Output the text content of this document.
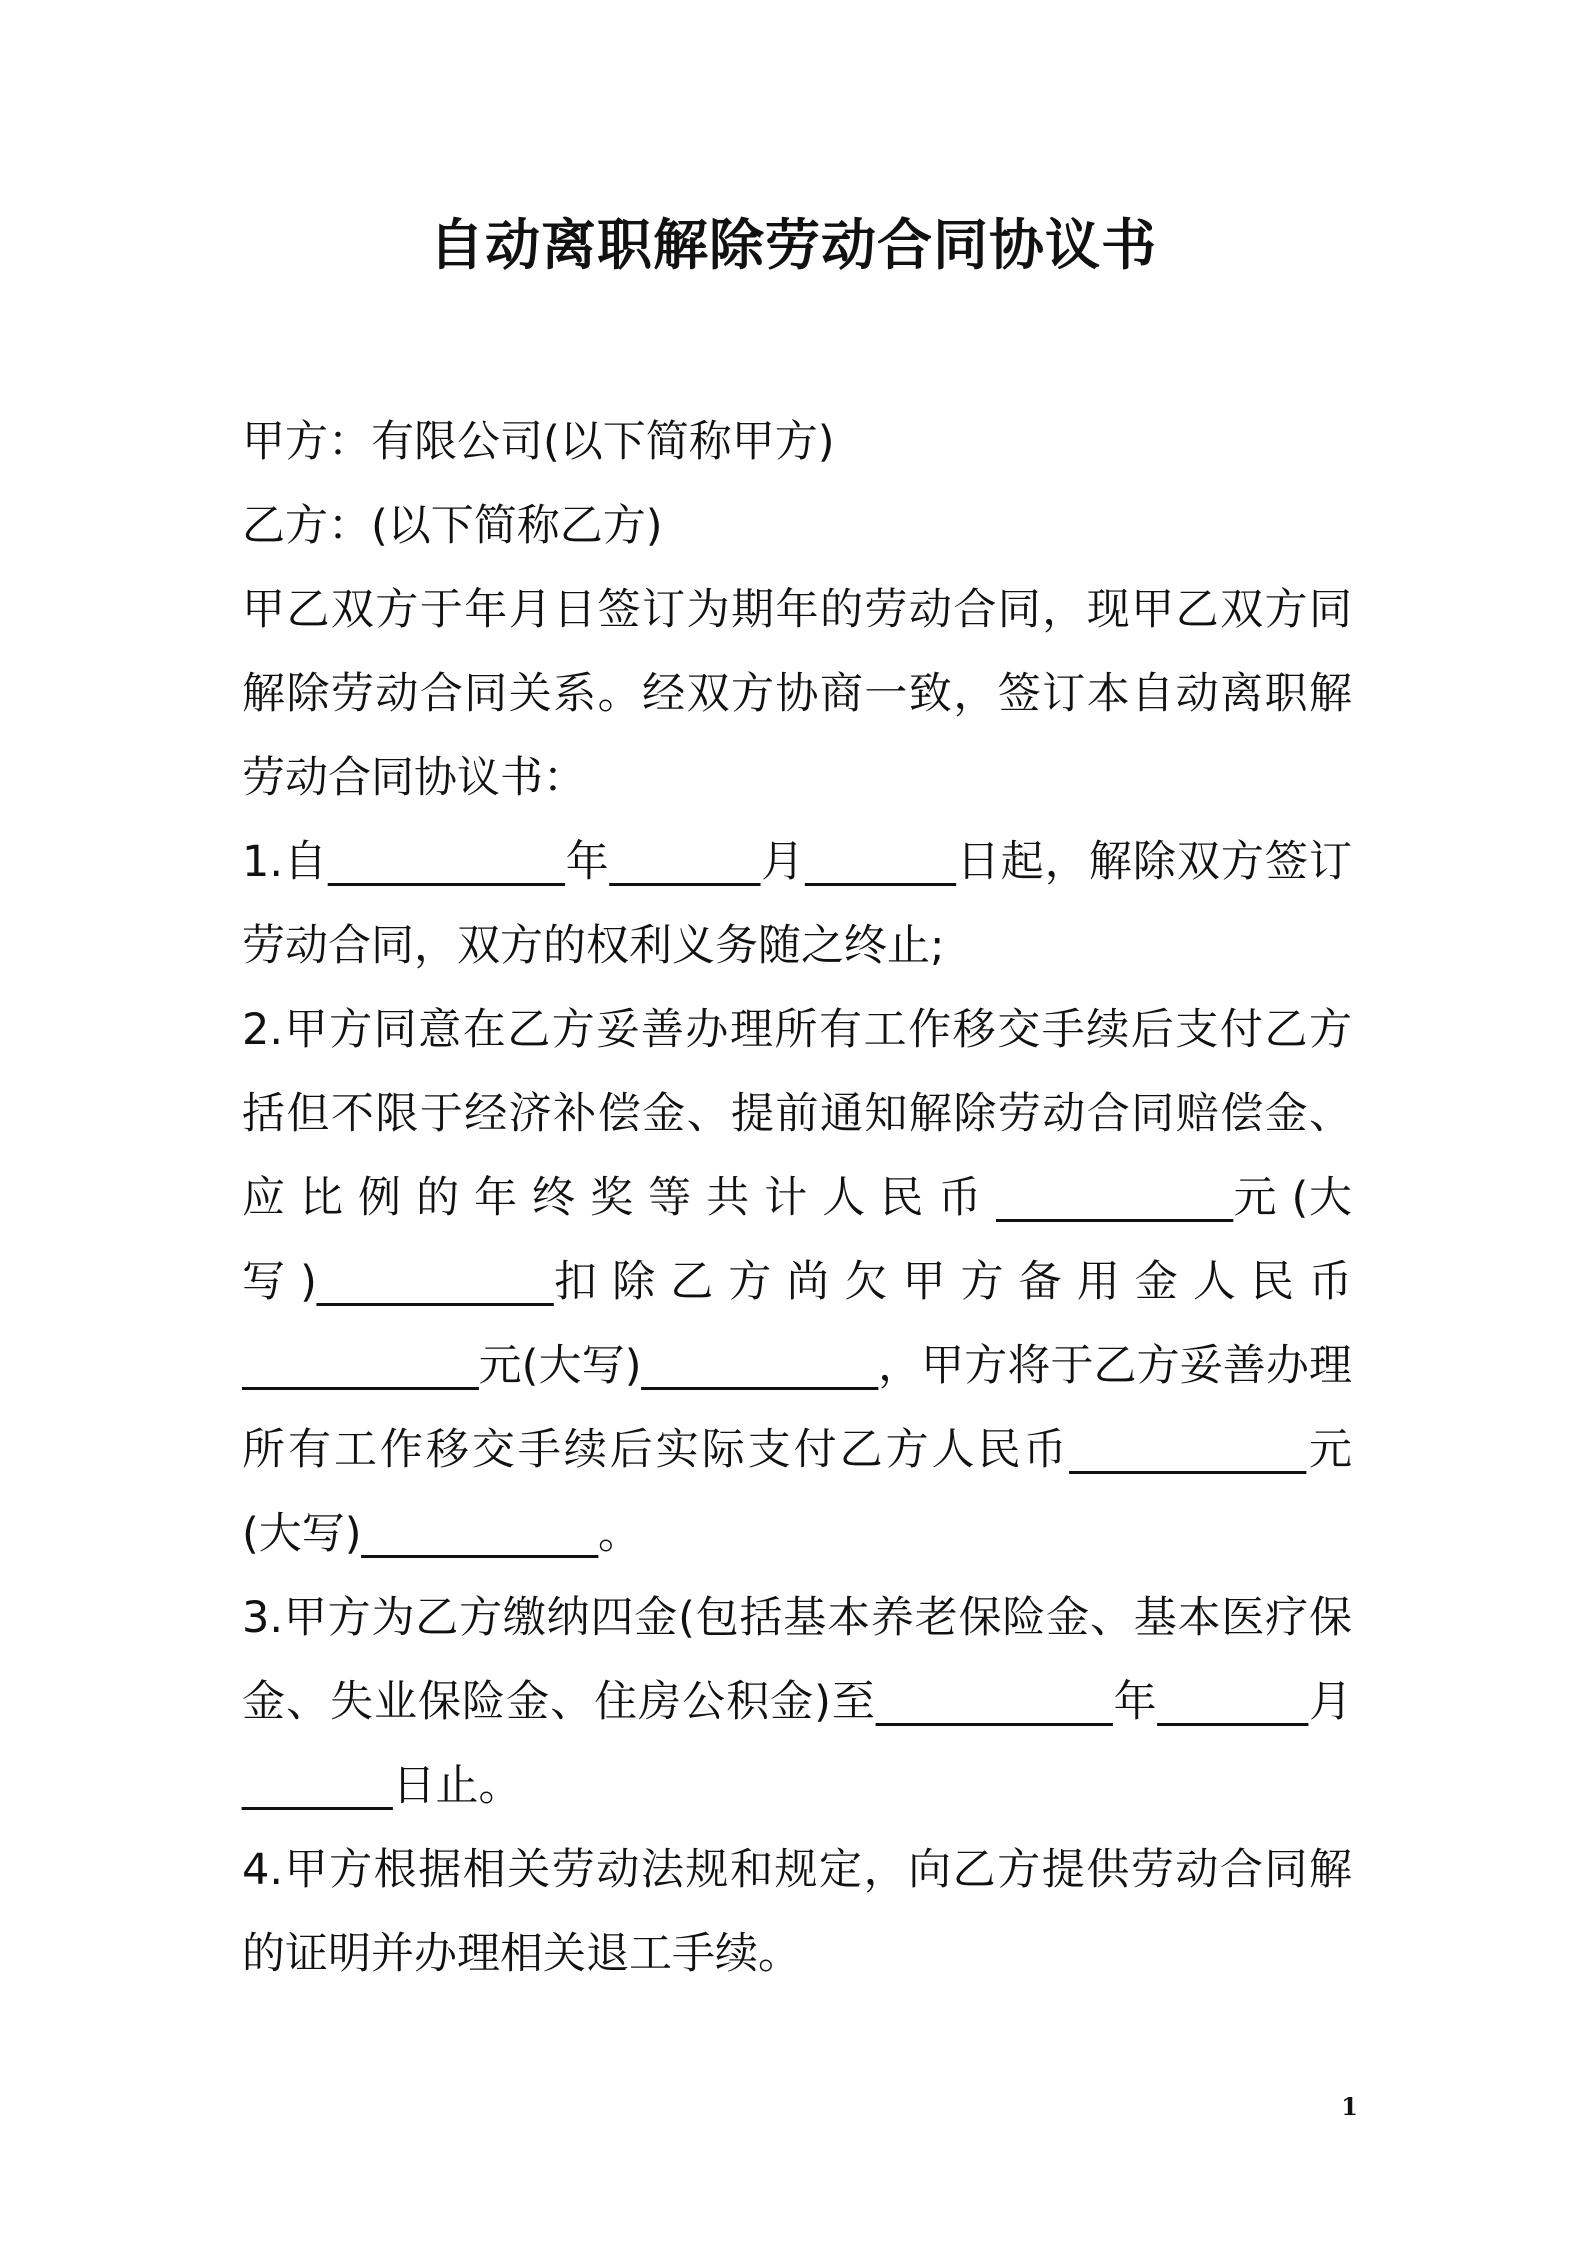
自动离职解除劳动合同协议书
甲方：有限公司(以下简称甲方)
乙方：(以下简称乙方)
甲乙双方于年月日签订为期年的劳动合同，现甲乙双方同
解除劳动合同关系。经双方协商一致，签订本自动离职解
劳动合同协议书：
1.自___________年_______月_______日起，解除双方签订
劳动合同，双方的权利义务随之终止;
2.甲方同意在乙方妥善办理所有工作移交手续后支付乙方
括但不限于经济补偿金、提前通知解除劳动合同赔偿金、
应 比 例 的 年 终 奖 等 共 计 人 民 币 ___________元 (大
写 )___________扣 除 乙 方 尚 欠 甲 方 备 用 金 人 民 币
___________元(大写)___________，甲方将于乙方妥善办理
所有工作移交手续后实际支付乙方人民币___________元
(大写)___________。
3.甲方为乙方缴纳四金(包括基本养老保险金、基本医疗保
金、失业保险金、住房公积金)至___________年_______月
_______日止。
4.甲方根据相关劳动法规和规定，向乙方提供劳动合同解
的证明并办理相关退工手续。
1
